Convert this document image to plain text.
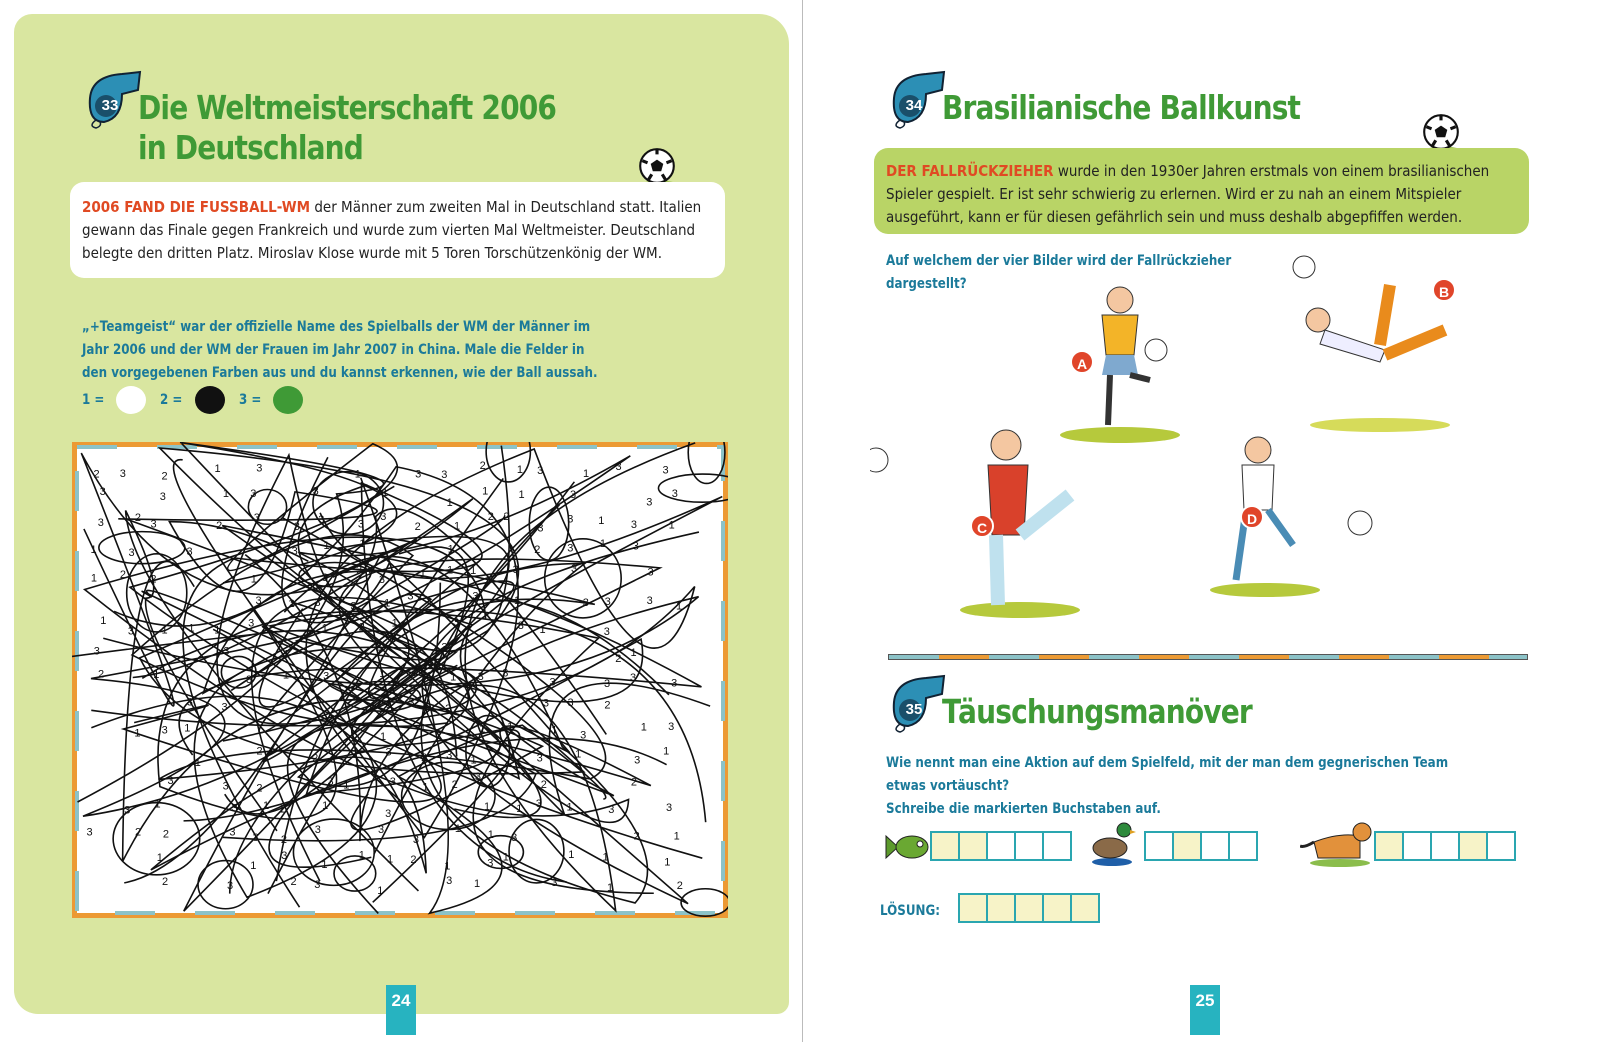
33 Die Weltmeisterschaft 2006
in Deutschland
2006 FAND DIE FUSSBALL-WM der Männer zum zweiten Mal in Deutschland statt. Italien gewann das Finale gegen Frankreich und wurde zum vierten Mal Weltmeister. Deutschland belegte den dritten Platz. Miroslav Klose wurde mit 5 Toren Torschützenkönig der WM.
„+Teamgeist“ war der offizielle Name des Spielballs der WM der Männer im Jahr 2006 und der WM der Frauen im Jahr 2007 in China. Male die Felder in den vorgegebenen Farben aus und du kannst erkennen, wie der Ball aussah.
1 =	2 =	3 =
2 3	2
1	3	1	3 3
2	1 3	1
3	3
3	3	1 3	3	1
1
1	1	3
3
3
3	2
3	2
3
3
3	3
3
2	1
2 2
3
3 1 3	1
1	3	3	3 1	1	1	2 3 1 3
1 2 2	1	3
3
3
1 1 1	3	3	3
3 2 3	3	1
3	3	1	3 3	3 1
1
3	1 1 1
3	1	2 1	3	3 1	3
3	3	1
2	3
2
1
2	1	3	1	3	1 1	1 3 3
3	3
3	3
3	3	1 3	2	3 3	2
1 3 1
1
1	1 1	1 3
1 3
1
2
2
3	2 3 1	3	1	3
1
3	3	2
3 1	3 1 2
3
2	2
3
1	3 1 1	1
3
1 1 3 1	3	3
3	2 2	3 3 2
3	3
3
1
1 3	2	1
1
1
3
1
1 1 2
1	3
1	1	1	1
2	3	2 3
1
3 1	3	1	2
24
34 Brasilianische Ballkunst
DER FALLRÜCKZIEHER wurde in den 1930er Jahren erstmals von einem brasilianischen Spieler gespielt. Er ist sehr schwierig zu erlernen. Wird er zu nah an einem Mitspieler ausgeführt, kann er für diesen gefährlich sein und muss deshalb abgepfiffen werden.
Auf welchem der vier Bilder wird der Fallrückzieher dargestellt?
A
B
C
D
35 Täuschungsmanöver
Wie nennt man eine Aktion auf dem Spielfeld, mit der man dem gegnerischen Team etwas vortäuscht?
Schreibe die markierten Buchstaben auf.
LÖSUNG:
25
